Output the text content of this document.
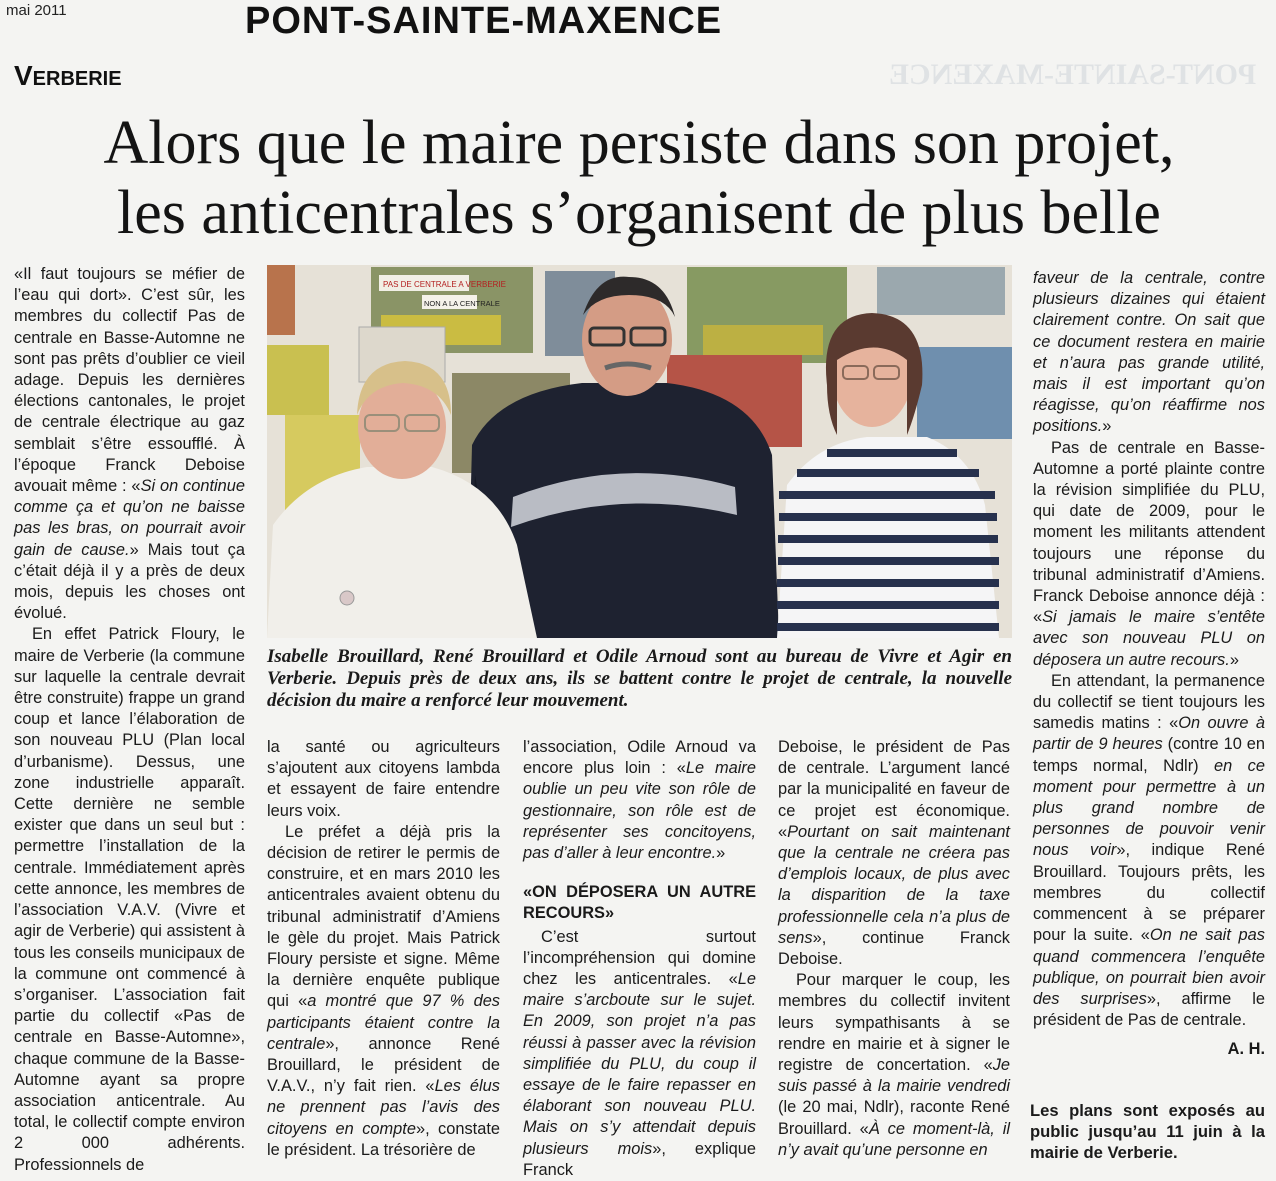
PONT-SAINTE-MAXENCE
mai 2011	PONT-SAINTE-MAXENCE
Verberie
Alors que le maire persiste dans son projet,
les anticentrales s’organisent de plus belle

«Il faut toujours se méfier de l’eau qui dort». C’est sûr, les membres du collectif Pas de centrale en Basse-Automne ne sont pas prêts d’oublier ce vieil adage. Depuis les dernières élections cantonales, le projet de centrale électrique au gaz semblait s’être essoufflé. À l’époque Franck Deboise avouait même : «Si on continue comme ça et qu’on ne baisse pas les bras, on pourrait avoir gain de cause.» Mais tout ça c’était déjà il y a près de deux mois, depuis les choses ont évolué.

En effet Patrick Floury, le maire de Verberie (la commune sur laquelle la centrale devrait être construite) frappe un grand coup et lance l’élaboration de son nouveau PLU (Plan local d’urbanisme). Dessus, une zone industrielle apparaît. Cette dernière ne semble exister que dans un seul but : permettre l’installation de la centrale. Immédiatement après cette annonce, les membres de l’association V.A.V. (Vivre et agir de Verberie) qui assistent à tous les conseils municipaux de la commune ont commencé à s’organiser. L’association fait partie du collectif «Pas de centrale en Basse-Automne», chaque commune de la Basse-Automne ayant sa propre association anticentrale. Au total, le collectif compte environ 2 000 adhérents. Professionnels de

PAS DE CENTRALE A VERBERIE
NON A LA CENTRALE
Isabelle Brouillard, René Brouillard et Odile Arnoud sont au bureau de Vivre et Agir en Verberie. Depuis près de deux ans, ils se battent contre le projet de centrale, la nouvelle décision du maire a renforcé leur mouvement.

la santé ou agriculteurs s’ajoutent aux citoyens lambda et essayent de faire entendre leurs voix.

Le préfet a déjà pris la décision de retirer le permis de construire, et en mars 2010 les anticentrales avaient obtenu du tribunal administratif d’Amiens le gèle du projet. Mais Patrick Floury persiste et signe. Même la dernière enquête publique qui «a montré que 97 % des participants étaient contre la centrale», annonce René Brouillard, le président de V.A.V., n’y fait rien. «Les élus ne prennent pas l’avis des citoyens en compte», constate le président. La trésorière de

l’association, Odile Arnoud va encore plus loin : «Le maire oublie un peu vite son rôle de gestionnaire, son rôle est de représenter ses concitoyens, pas d’aller à leur encontre.»

«ON DÉPOSERA UN AUTRE RECOURS»

C’est surtout l’incompréhension qui domine chez les anticentrales. «Le maire s’arcboute sur le sujet. En 2009, son projet n’a pas réussi à passer avec la révision simplifiée du PLU, du coup il essaye de le faire repasser en élaborant son nouveau PLU. Mais on s’y attendait depuis plusieurs mois», explique Franck

Deboise, le président de Pas de centrale. L’argument lancé par la municipalité en faveur de ce projet est économique. «Pourtant on sait maintenant que la centrale ne créera pas d’emplois locaux, de plus avec la disparition de la taxe professionnelle cela n’a plus de sens», continue Franck Deboise.

Pour marquer le coup, les membres du collectif invitent leurs sympathisants à se rendre en mairie et à signer le registre de concertation. «Je suis passé à la mairie vendredi (le 20 mai, Ndlr), raconte René Brouillard. «À ce moment-là, il n’y avait qu’une personne en

faveur de la centrale, contre plusieurs dizaines qui étaient clairement contre. On sait que ce document restera en mairie et n’aura pas grande utilité, mais il est important qu’on réagisse, qu’on réaffirme nos positions.»

Pas de centrale en Basse-Automne a porté plainte contre la révision simplifiée du PLU, qui date de 2009, pour le moment les militants attendent toujours une réponse du tribunal administratif d’Amiens. Franck Deboise annonce déjà : «Si jamais le maire s’entête avec son nouveau PLU on déposera un autre recours.»

En attendant, la permanence du collectif se tient toujours les samedis matins : «On ouvre à partir de 9 heures (contre 10 en temps normal, Ndlr) en ce moment pour permettre à un plus grand nombre de personnes de pouvoir venir nous voir», indique René Brouillard. Toujours prêts, les membres du collectif commencent à se préparer pour la suite. «On ne sait pas quand commencera l’enquête publique, on pourrait bien avoir des surprises», affirme le président de Pas de centrale.

A. H.

Les plans sont exposés au public jusqu’au 11 juin à la mairie de Verberie.
